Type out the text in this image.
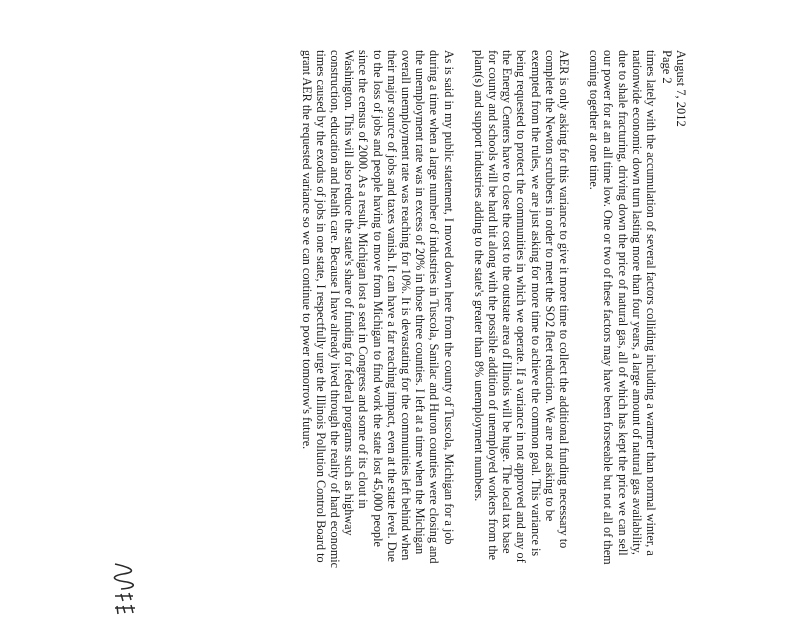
August 7, 2012
Page 2

times lately with the accumulation of several factors colliding including a warmer than normal winter, a nationwide economic down turn lasting more than four years, a large amount of natural gas availability, due to shale fracturing, driving down the price of natural gas, all of which has kept the price we can sell our power for at an all time low. One or two of these factors may have been forseeable but not all of them coming together at one time.

AER is only asking for this variance to give it more time to collect the additional funding necessary to complete the Newton scrubbers in order to meet the SO2 fleet reduction. We are not asking to be exempted from the rules, we are just asking for more time to achieve the common goal. This variance is being requested to protect the communities in which we operate. If a variance in not approved and any of the Energy Centers have to close the cost to the outstate area of Illinois will be huge. The local tax base for county and schools will be hard hit along with the possible addition of unemployed workers from the plant(s) and support industries adding to the state's greater than 8% unemployment numbers.

As is said in my public statement, I moved down here from the county of Tuscola, Michigan for a job during a time when a large number of industries in Tuscola, Sanilac and Huron counties were closing and the unemployment rate was in excess of 20% in those three counties. I left at a time when the Michigan overall unemployment rate was reaching for 10%. It is devastating for the communities left behind when their major source of jobs and taxes vanish. It can have a far reaching impact, even at the state level. Due to the loss of jobs and people having to move from Michigan to find work the state lost 45,000 people since the census of 2000. As a result, Michigan lost a seat in Congress and some of its clout in Washington. This will also reduce the state's share of funding for federal programs such as highway construction, education and health care. Because I have already lived through the reality of hard economic times caused by the exodus of jobs in one state, I respectfully urge the Illinois Pollution Control Board to grant AER the requested variance so we can continue to power tomorrow's future.
